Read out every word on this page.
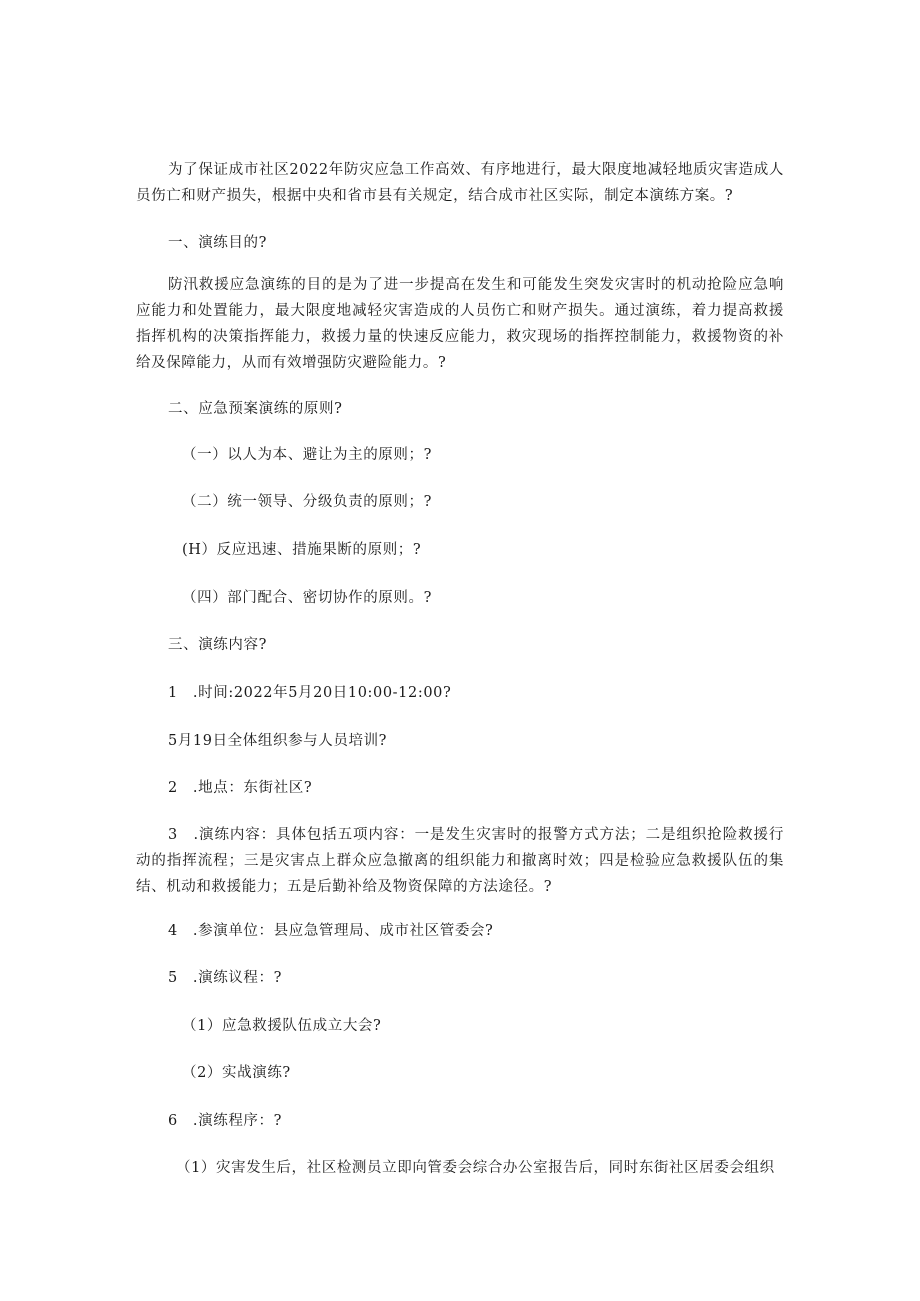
为了保证成市社区2022年防灾应急工作高效、有序地进行，最大限度地减轻地质灾害造成人员伤亡和财产损失，根据中央和省市县有关规定，结合成市社区实际，制定本演练方案。?

一、演练目的?

防汛救援应急演练的目的是为了进一步提高在发生和可能发生突发灾害时的机动抢险应急响应能力和处置能力，最大限度地减轻灾害造成的人员伤亡和财产损失。通过演练，着力提高救援指挥机构的决策指挥能力，救援力量的快速反应能力，救灾现场的指挥控制能力，救援物资的补给及保障能力，从而有效增强防灾避险能力。?

二、应急预案演练的原则?

（一）以人为本、避让为主的原则；?

（二）统一领导、分级负责的原则；?

(H）反应迅速、措施果断的原则；?

（四）部门配合、密切协作的原则。?

三、演练内容?

1　.时间:2022年5月20日10:00-12:00?

5月19日全体组织参与人员培训?

2　.地点：东街社区?

3　.演练内容：具体包括五项内容：一是发生灾害时的报警方式方法；二是组织抢险救援行动的指挥流程；三是灾害点上群众应急撤离的组织能力和撤离时效；四是检验应急救援队伍的集结、机动和救援能力；五是后勤补给及物资保障的方法途径。?

4　.参演单位：县应急管理局、成市社区管委会?

5　.演练议程：?

（1）应急救援队伍成立大会?

（2）实战演练?

6　.演练程序：?

（1）灾害发生后，社区检测员立即向管委会综合办公室报告后，同时东街社区居委会组织
